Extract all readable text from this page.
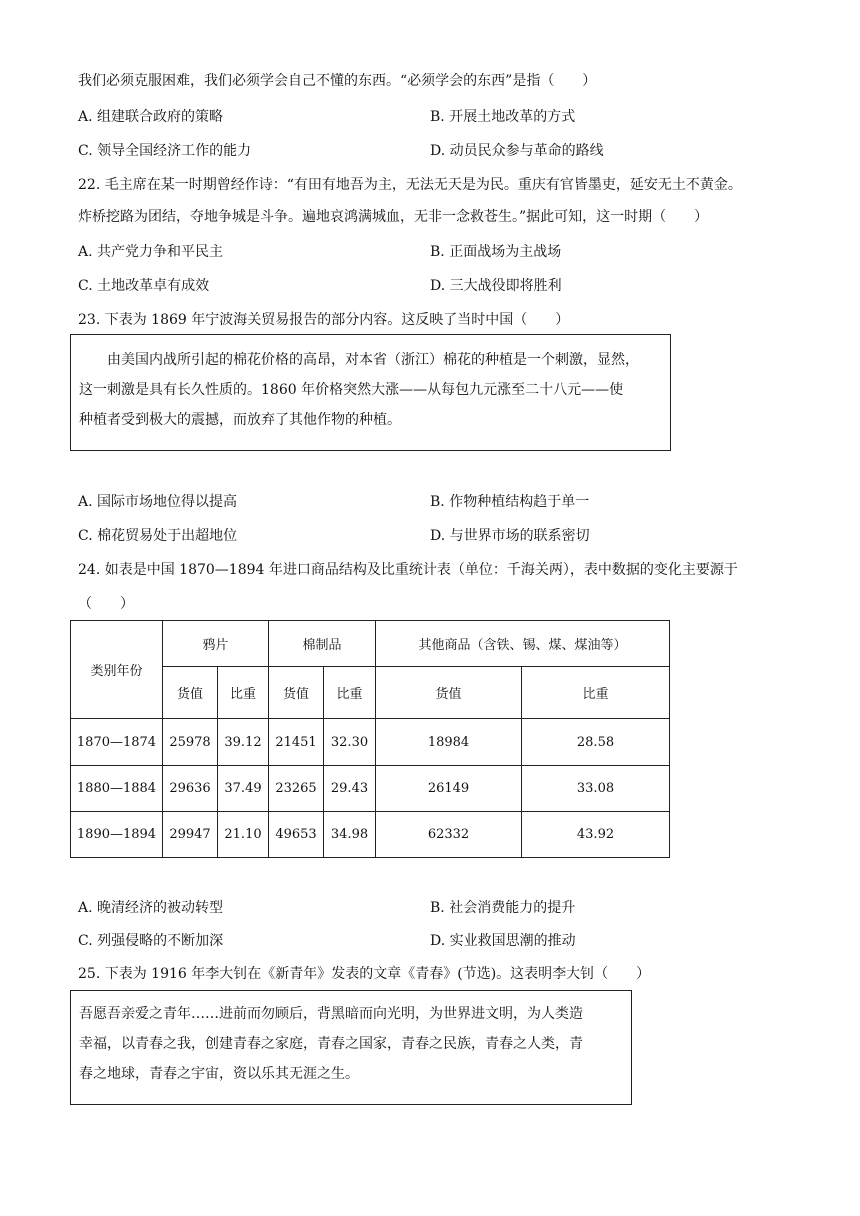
我们必须克服困难，我们必须学会自己不懂的东西。“必须学会的东西”是指（　　）
A. 组建联合政府的策略	B. 开展土地改革的方式
C. 领导全国经济工作的能力	D. 动员民众参与革命的路线
22. 毛主席在某一时期曾经作诗：“有田有地吾为主，无法无天是为民。重庆有官皆墨吏，延安无土不黄金。
炸桥挖路为团结，夺地争城是斗争。遍地哀鸿满城血，无非一念救苍生。”据此可知，这一时期（　　）
A. 共产党力争和平民主	B. 正面战场为主战场
C. 土地改革卓有成效	D. 三大战役即将胜利
23. 下表为 1869 年宁波海关贸易报告的部分内容。这反映了当时中国（　　）

由美国内战所引起的棉花价格的高昂，对本省（浙江）棉花的种植是一个刺激，显然，

这一刺激是具有长久性质的。1860 年价格突然大涨——从每包九元涨至二十八元——使

种植者受到极大的震撼，而放弃了其他作物的种植。

A. 国际市场地位得以提高	B. 作物种植结构趋于单一
C. 棉花贸易处于出超地位	D. 与世界市场的联系密切
24. 如表是中国 1870—1894 年进口商品结构及比重统计表（单位：千海关两），表中数据的变化主要源于
（　　）
类别年份	鸦片		棉制品		其他商品（含铁、锡、煤、煤油等）	
	货值	比重	货值	比重	货值	比重
1870—1874	25978	39.12	21451	32.30	18984	28.58
1880—1884	29636	37.49	23265	29.43	26149	33.08
1890—1894	29947	21.10	49653	34.98	62332	43.92
A. 晚清经济的被动转型	B. 社会消费能力的提升
C. 列强侵略的不断加深	D. 实业救国思潮的推动
25. 下表为 1916 年李大钊在《新青年》发表的文章《青春》(节选)。这表明李大钊（　　）

吾愿吾亲爱之青年……进前而勿顾后，背黑暗而向光明，为世界进文明，为人类造

幸福，以青春之我，创建青春之家庭，青春之国家，青春之民族，青春之人类，青

春之地球，青春之宇宙，资以乐其无涯之生。
